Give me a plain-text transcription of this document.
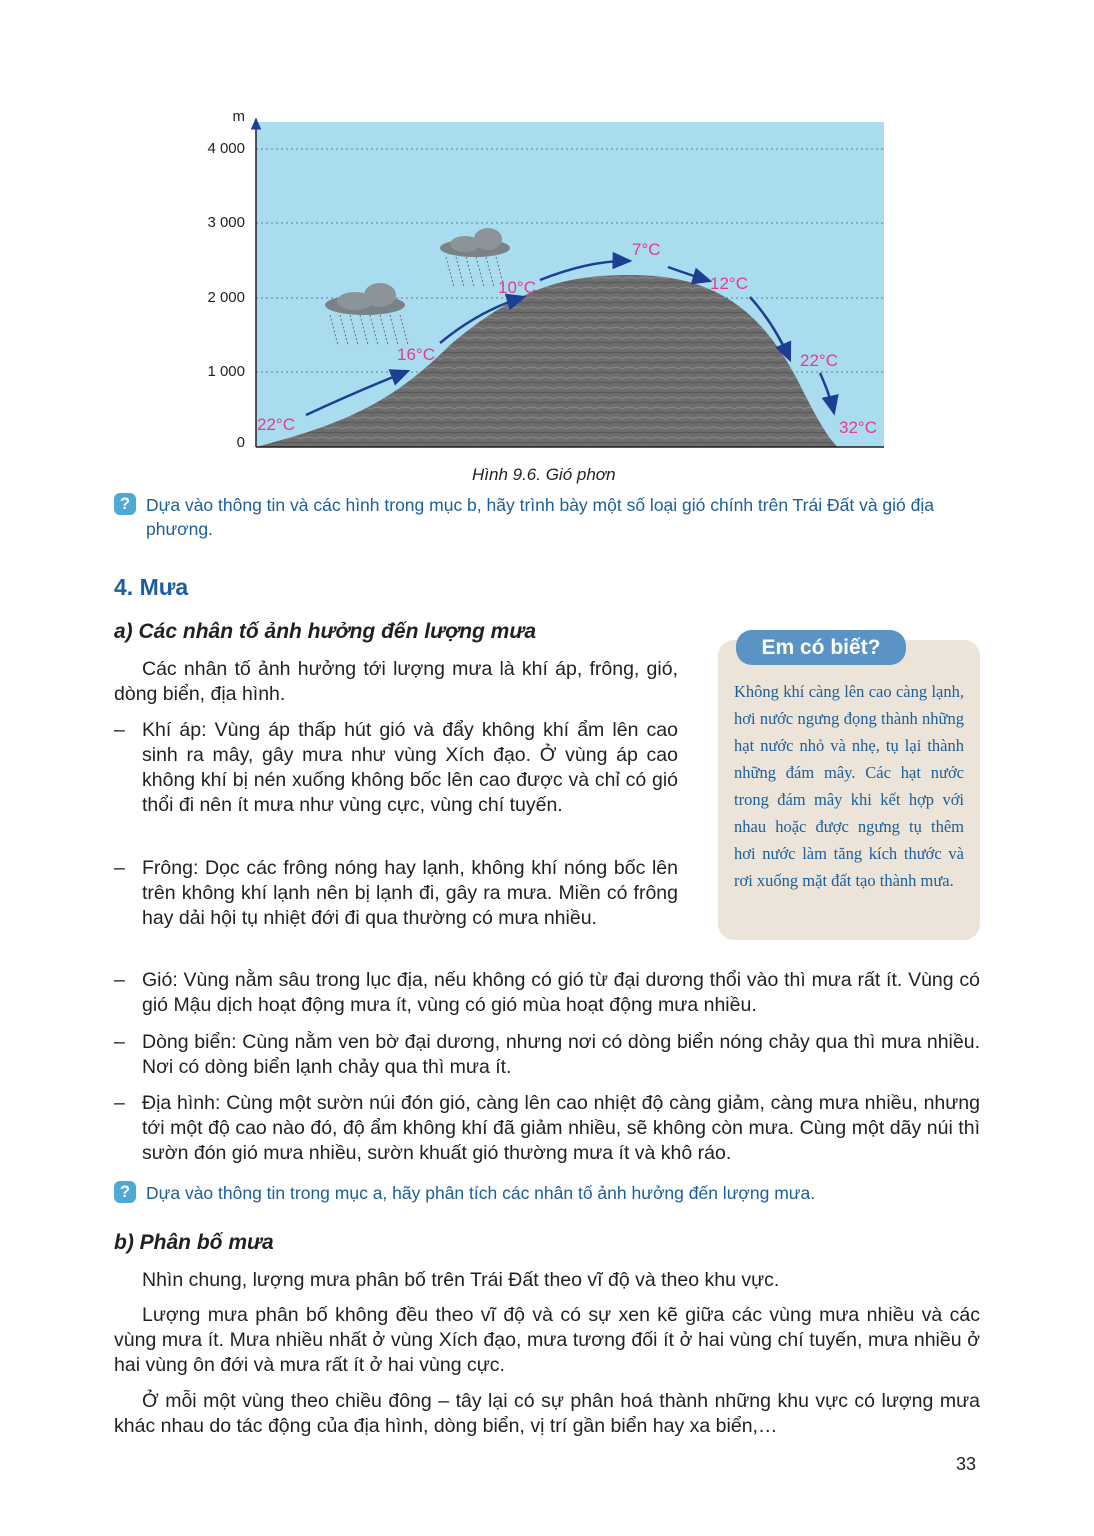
m
4 000
3 000
2 000
1 000
0
22°C
16°C
10°C
7°C
12°C
22°C
32°C
Hình 9.6. Gió phơn
? Dựa vào thông tin và các hình trong mục b, hãy trình bày một số loại gió chính trên Trái Đất và gió địa phương.
4. Mưa
a) Các nhân tố ảnh hưởng đến lượng mưa
Các nhân tố ảnh hưởng tới lượng mưa là khí áp, frông, gió, dòng biển, địa hình.
– Khí áp: Vùng áp thấp hút gió và đẩy không khí ẩm lên cao sinh ra mây, gây mưa như vùng Xích đạo. Ở vùng áp cao không khí bị nén xuống không bốc lên cao được và chỉ có gió thổi đi nên ít mưa như vùng cực, vùng chí tuyến.
– Frông: Dọc các frông nóng hay lạnh, không khí nóng bốc lên trên không khí lạnh nên bị lạnh đi, gây ra mưa. Miền có frông hay dải hội tụ nhiệt đới đi qua thường có mưa nhiều.
– Gió: Vùng nằm sâu trong lục địa, nếu không có gió từ đại dương thổi vào thì mưa rất ít. Vùng có gió Mậu dịch hoạt động mưa ít, vùng có gió mùa hoạt động mưa nhiều.
– Dòng biển: Cùng nằm ven bờ đại dương, nhưng nơi có dòng biển nóng chảy qua thì mưa nhiều. Nơi có dòng biển lạnh chảy qua thì mưa ít.
– Địa hình: Cùng một sườn núi đón gió, càng lên cao nhiệt độ càng giảm, càng mưa nhiều, nhưng tới một độ cao nào đó, độ ẩm không khí đã giảm nhiều, sẽ không còn mưa. Cùng một dãy núi thì sườn đón gió mưa nhiều, sườn khuất gió thường mưa ít và khô ráo.
Em có biết?
Không khí càng lên cao càng lạnh, hơi nước ngưng đọng thành những hạt nước nhỏ và nhẹ, tụ lại thành những đám mây. Các hạt nước trong đám mây khi kết hợp với nhau hoặc được ngưng tụ thêm hơi nước làm tăng kích thước và rơi xuống mặt đất tạo thành mưa.
? Dựa vào thông tin trong mục a, hãy phân tích các nhân tố ảnh hưởng đến lượng mưa.
b) Phân bố mưa
Nhìn chung, lượng mưa phân bố trên Trái Đất theo vĩ độ và theo khu vực.
Lượng mưa phân bố không đều theo vĩ độ và có sự xen kẽ giữa các vùng mưa nhiều và các vùng mưa ít. Mưa nhiều nhất ở vùng Xích đạo, mưa tương đối ít ở hai vùng chí tuyến, mưa nhiều ở hai vùng ôn đới và mưa rất ít ở hai vùng cực.
Ở mỗi một vùng theo chiều đông – tây lại có sự phân hoá thành những khu vực có lượng mưa khác nhau do tác động của địa hình, dòng biển, vị trí gần biển hay xa biển,…
33
